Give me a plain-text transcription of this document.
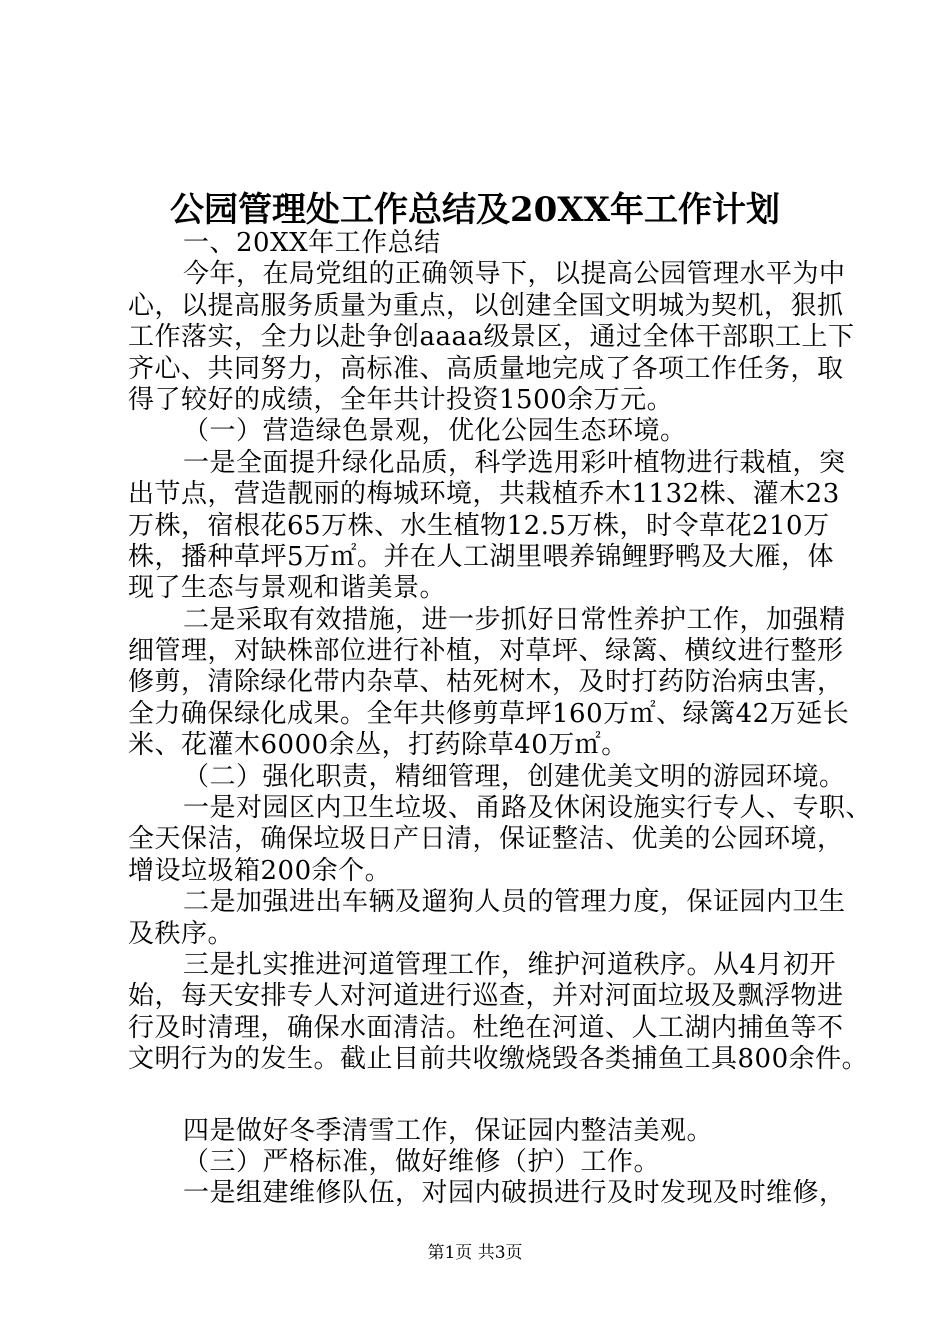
公园管理处工作总结及20XX年工作计划
一、20XX年工作总结
今年，在局党组的正确领导下，以提高公园管理水平为中
心，以提高服务质量为重点，以创建全国文明城为契机，狠抓
工作落实，全力以赴争创aaaa级景区，通过全体干部职工上下
齐心、共同努力，高标准、高质量地完成了各项工作任务，取
得了较好的成绩，全年共计投资1500余万元。
（一）营造绿色景观，优化公园生态环境。
一是全面提升绿化品质，科学选用彩叶植物进行栽植，突
出节点，营造靓丽的梅城环境，共栽植乔木1132株、灌木23
万株，宿根花65万株、水生植物12.5万株，时令草花210万
株，播种草坪5万㎡。并在人工湖里喂养锦鲤野鸭及大雁，体
现了生态与景观和谐美景。
二是采取有效措施，进一步抓好日常性养护工作，加强精
细管理，对缺株部位进行补植，对草坪、绿篱、横纹进行整形
修剪，清除绿化带内杂草、枯死树木，及时打药防治病虫害，
全力确保绿化成果。全年共修剪草坪160万㎡、绿篱42万延长
米、花灌木6000余丛，打药除草40万㎡。
（二）强化职责，精细管理，创建优美文明的游园环境。
一是对园区内卫生垃圾、甬路及休闲设施实行专人、专职、
全天保洁，确保垃圾日产日清，保证整洁、优美的公园环境，
增设垃圾箱200余个。
二是加强进出车辆及遛狗人员的管理力度，保证园内卫生
及秩序。
三是扎实推进河道管理工作，维护河道秩序。从4月初开
始，每天安排专人对河道进行巡查，并对河面垃圾及飘浮物进
行及时清理，确保水面清洁。杜绝在河道、人工湖内捕鱼等不
文明行为的发生。截止目前共收缴烧毁各类捕鱼工具800余件。
四是做好冬季清雪工作，保证园内整洁美观。
（三）严格标准，做好维修（护）工作。
一是组建维修队伍，对园内破损进行及时发现及时维修，
第1页 共3页
